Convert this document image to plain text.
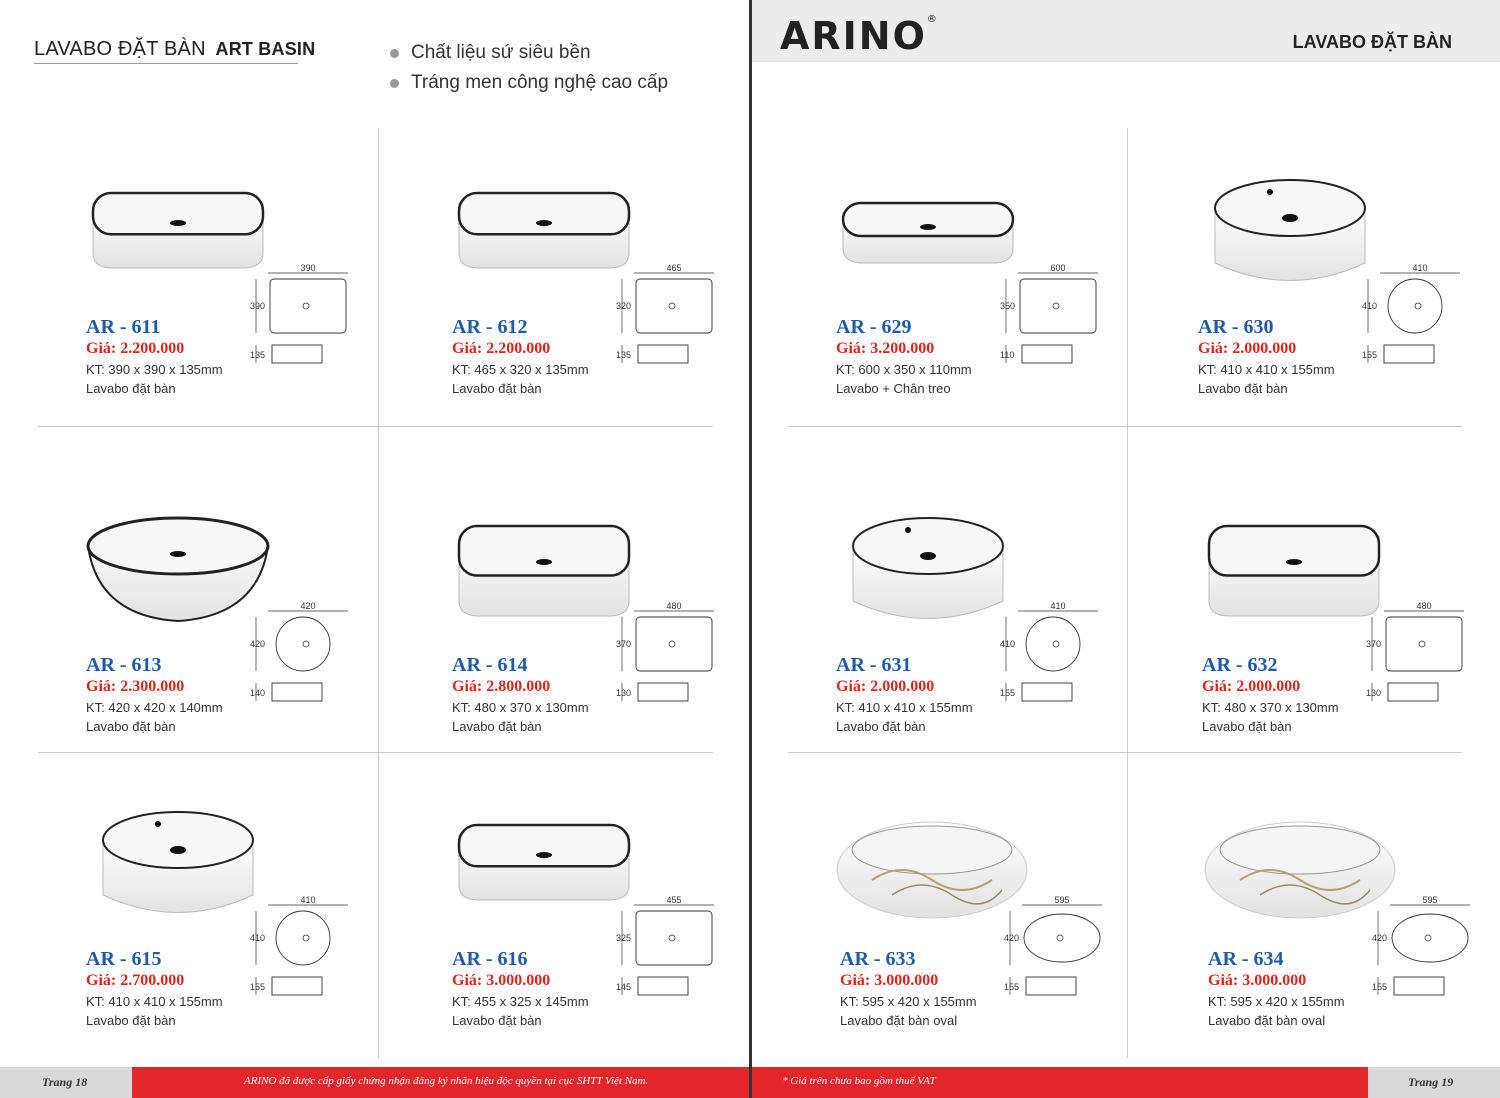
LAVABO ĐẶT BÀN ART BASIN	Chất liệu sứ siêu bền
Tráng men công nghệ cao cấp
ARINO®
LAVABO ĐẶT BÀN
AR - 611
Giá: 2.200.000
KT: 390 x 390 x 135mm
Lavabo đặt bàn
390
390
135
AR - 612
Giá: 2.200.000
KT: 465 x 320 x 135mm
Lavabo đặt bàn
465
320
135
AR - 613
Giá: 2.300.000
KT: 420 x 420 x 140mm
Lavabo đặt bàn
420
420
140
AR - 614
Giá: 2.800.000
KT: 480 x 370 x 130mm
Lavabo đặt bàn
480
370
130
AR - 615
Giá: 2.700.000
KT: 410 x 410 x 155mm
Lavabo đặt bàn
410
410
155
AR - 616
Giá: 3.000.000
KT: 455 x 325 x 145mm
Lavabo đặt bàn
455
325
145
AR - 629
Giá: 3.200.000
KT: 600 x 350 x 110mm
Lavabo + Chân treo
600
350
110
AR - 630
Giá: 2.000.000
KT: 410 x 410 x 155mm
Lavabo đặt bàn
410
410
155
AR - 631
Giá: 2.000.000
KT: 410 x 410 x 155mm
Lavabo đặt bàn
410
410
155
AR - 632
Giá: 2.000.000
KT: 480 x 370 x 130mm
Lavabo đặt bàn
480
370
130
AR - 633
Giá: 3.000.000
KT: 595 x 420 x 155mm
Lavabo đặt bàn oval
595
420
155
AR - 634
Giá: 3.000.000
KT: 595 x 420 x 155mm
Lavabo đặt bàn oval
595
420
155
Trang 18	ARINO đã được cấp giấy chứng nhận đăng ký nhãn hiệu độc quyền tại cục SHTT Việt Nam.	* Giá trên chưa bao gồm thuế VAT	Trang 19
